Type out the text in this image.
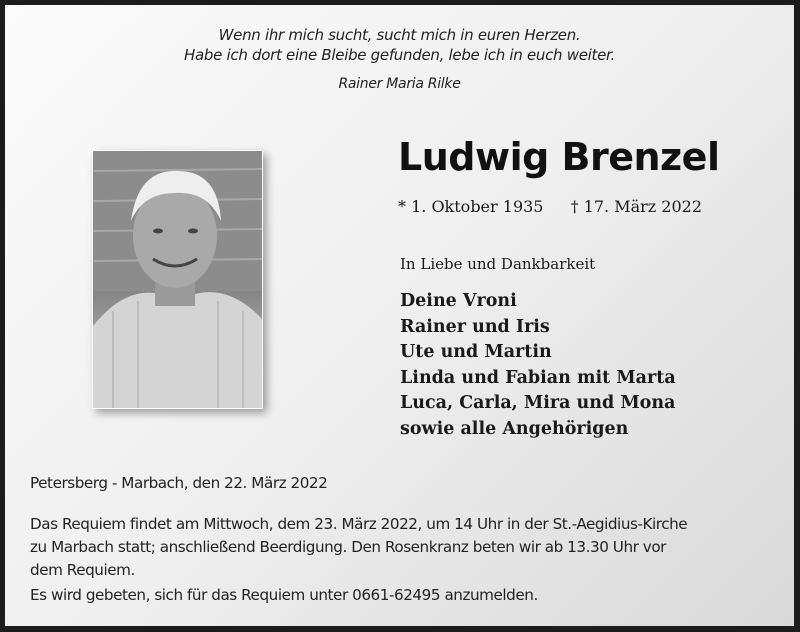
Wenn ihr mich sucht, sucht mich in euren Herzen.
Habe ich dort eine Bleibe gefunden, lebe ich in euch weiter.
Rainer Maria Rilke
Ludwig Brenzel
* 1. Oktober 1935 † 17. März 2022
In Liebe und Dankbarkeit
Deine Vroni
Rainer und Iris
Ute und Martin
Linda und Fabian mit Marta
Luca, Carla, Mira und Mona
sowie alle Angehörigen
Petersberg - Marbach, den 22. März 2022
Das Requiem findet am Mittwoch, dem 23. März 2022, um 14 Uhr in der St.-Aegidius-Kirche
zu Marbach statt; anschließend Beerdigung. Den Rosenkranz beten wir ab 13.30 Uhr vor
dem Requiem.
Es wird gebeten, sich für das Requiem unter 0661-62495 anzumelden.
